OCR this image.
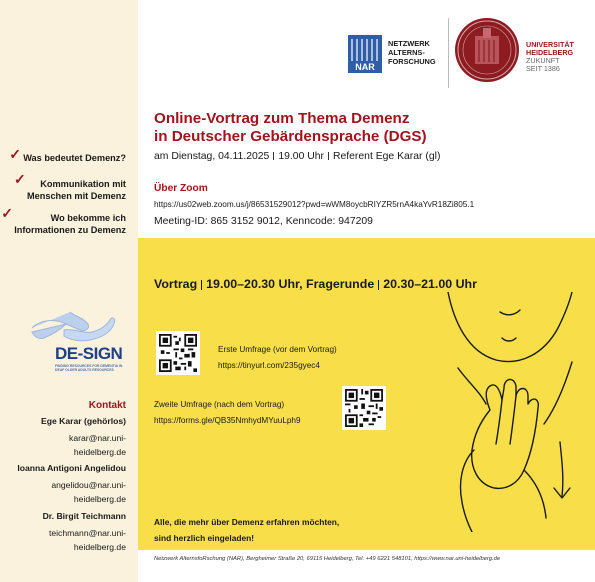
✓ Was bedeutet Demenz?
✓ Kommunikation mit
Menschen mit Demenz
✓	Wo bekomme ich
Informationen zu Demenz
DE-SIGN
FINDING RESOURCES FOR DEMENTIA IN DEAF OLDER ADULTS RESOURCES
Kontakt
Ege Karar (gehörlos)
karar@nar.uni-
heidelberg.de
Ioanna Antigoni Angelidou
angelidou@nar.uni-
heidelberg.de
Dr. Birgit Teichmann
teichmann@nar.uni-
heidelberg.de
NAR
NETZWERK
ALTERNS-
FORSCHUNG
UNIVERSITÄT
HEIDELBERG
ZUKUNFT
SEIT 1386
Online-Vortrag zum Thema Demenz
in Deutscher Gebärdensprache (DGS)
am Dienstag, 04.11.2025 19.00 Uhr Referent Ege Karar (gl)
Über Zoom
https://us02web.zoom.us/j/86531529012?pwd=wWM8oycbRIYZR5rnA4kaYvR18Zi805.1
Meeting-ID: 865 3152 9012, Kenncode: 947209
Vortrag 19.00–20.30 Uhr, Fragerunde 20.30–21.00 Uhr
Erste Umfrage (vor dem Vortrag)
https://tinyurl.com/235gyec4
Zweite Umfrage (nach dem Vortrag)
https://forms.gle/QB35NmhydMYuuLph9
Alle, die mehr über Demenz erfahren möchten,
sind herzlich eingeladen!
Netzwerk AlternsfoRschung (NAR), Bergheimer Straße 20, 69115 Heidelberg, Tel. +49 6221 548101, https://www.nar.uni-heidelberg.de
